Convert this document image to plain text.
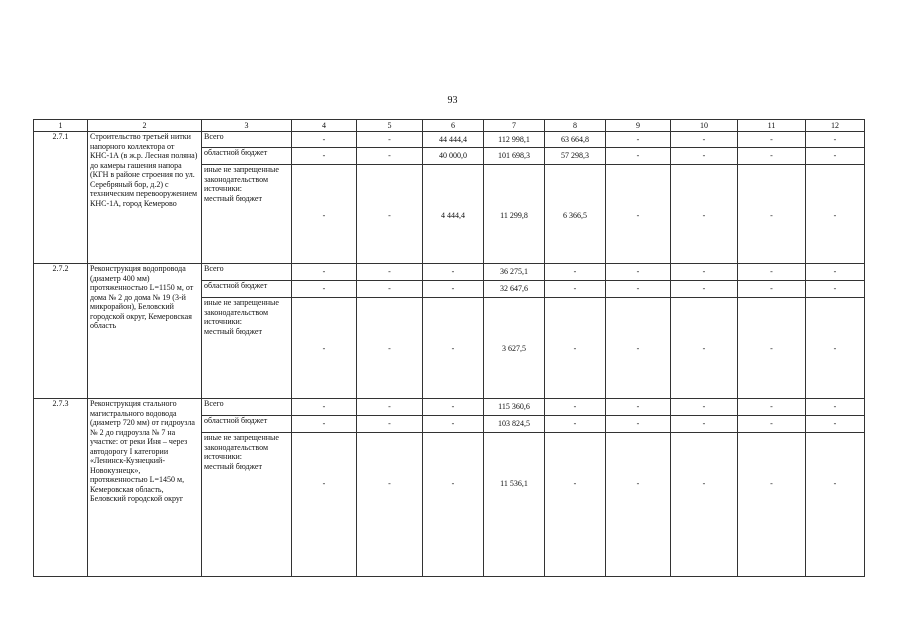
93
1	2	3	4	5	6	7	8	9	10	11	12
2.7.1	Строительство третьей нитки напорного коллектора от КНС-1А (в ж.р. Лесная поляна) до камеры гашения напора (КГН в районе строения по ул. Серебряный бор, д.2) с техническим перевооружением КНС-1А, город Кемерово	Всего	-	-	44 444,4	112 998,1	63 664,8	-	-	-	-

		областной бюджет	-	-	40 000,0	101 698,3	57 298,3	-	-	-	-

		иные не запрещенные законодательством источники:
местный бюджет	-	-	4 444,4	11 299,8	6 366,5	-	-	-	-
2.7.2	Реконструкция водопровода (диаметр 400 мм) протяженностью L=1150 м, от дома № 2 до дома № 19 (3-й микрорайон), Беловский городской округ, Кемеровская область	Всего	-	-	-	36 275,1	-	-	-	-	-

		областной бюджет	-	-	-	32 647,6	-	-	-	-	-

		иные не запрещенные законодательством источники:
местный бюджет	-	-	-	3 627,5	-	-	-	-	-
2.7.3	Реконструкция стального магистрального водовода (диаметр 720 мм) от гидроузла № 2 до гидроузла № 7 на участке: от реки Иня – через автодорогу I категории «Ленинск-Кузнецкий-Новокузнецк», протяженностью L=1450 м, Кемеровская область, Беловский городской округ	Всего	-	-	-	115 360,6	-	-	-	-	-

		областной бюджет	-	-	-	103 824,5	-	-	-	-	-

		иные не запрещенные законодательством источники:
местный бюджет	-	-	-	11 536,1	-	-	-	-	-
